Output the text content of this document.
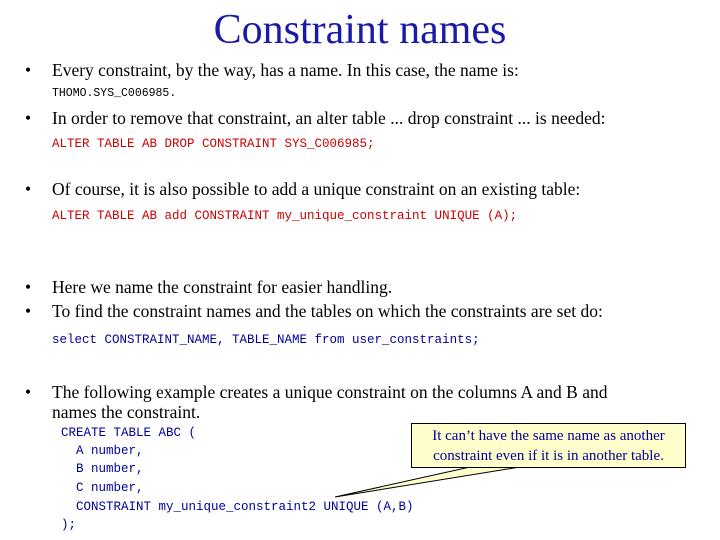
Constraint names
• Every constraint, by the way, has a name. In this case, the name is:
THOMO.SYS_C006985.
• In order to remove that constraint, an alter table ... drop constraint ... is needed:
ALTER TABLE AB DROP CONSTRAINT SYS_C006985;
• Of course, it is also possible to add a unique constraint on an existing table:
ALTER TABLE AB add CONSTRAINT my_unique_constraint UNIQUE (A);
• Here we name the constraint for easier handling.
• To find the constraint names and the tables on which the constraints are set do:
select CONSTRAINT_NAME, TABLE_NAME from user_constraints;
• The following example creates a unique constraint on the columns A and B and
names the constraint.
CREATE TABLE ABC (
A number,
B number,
C number,
CONSTRAINT my_unique_constraint2 UNIQUE (A,B)
);
It can’t have the same name as another
constraint even if it is in another table.
